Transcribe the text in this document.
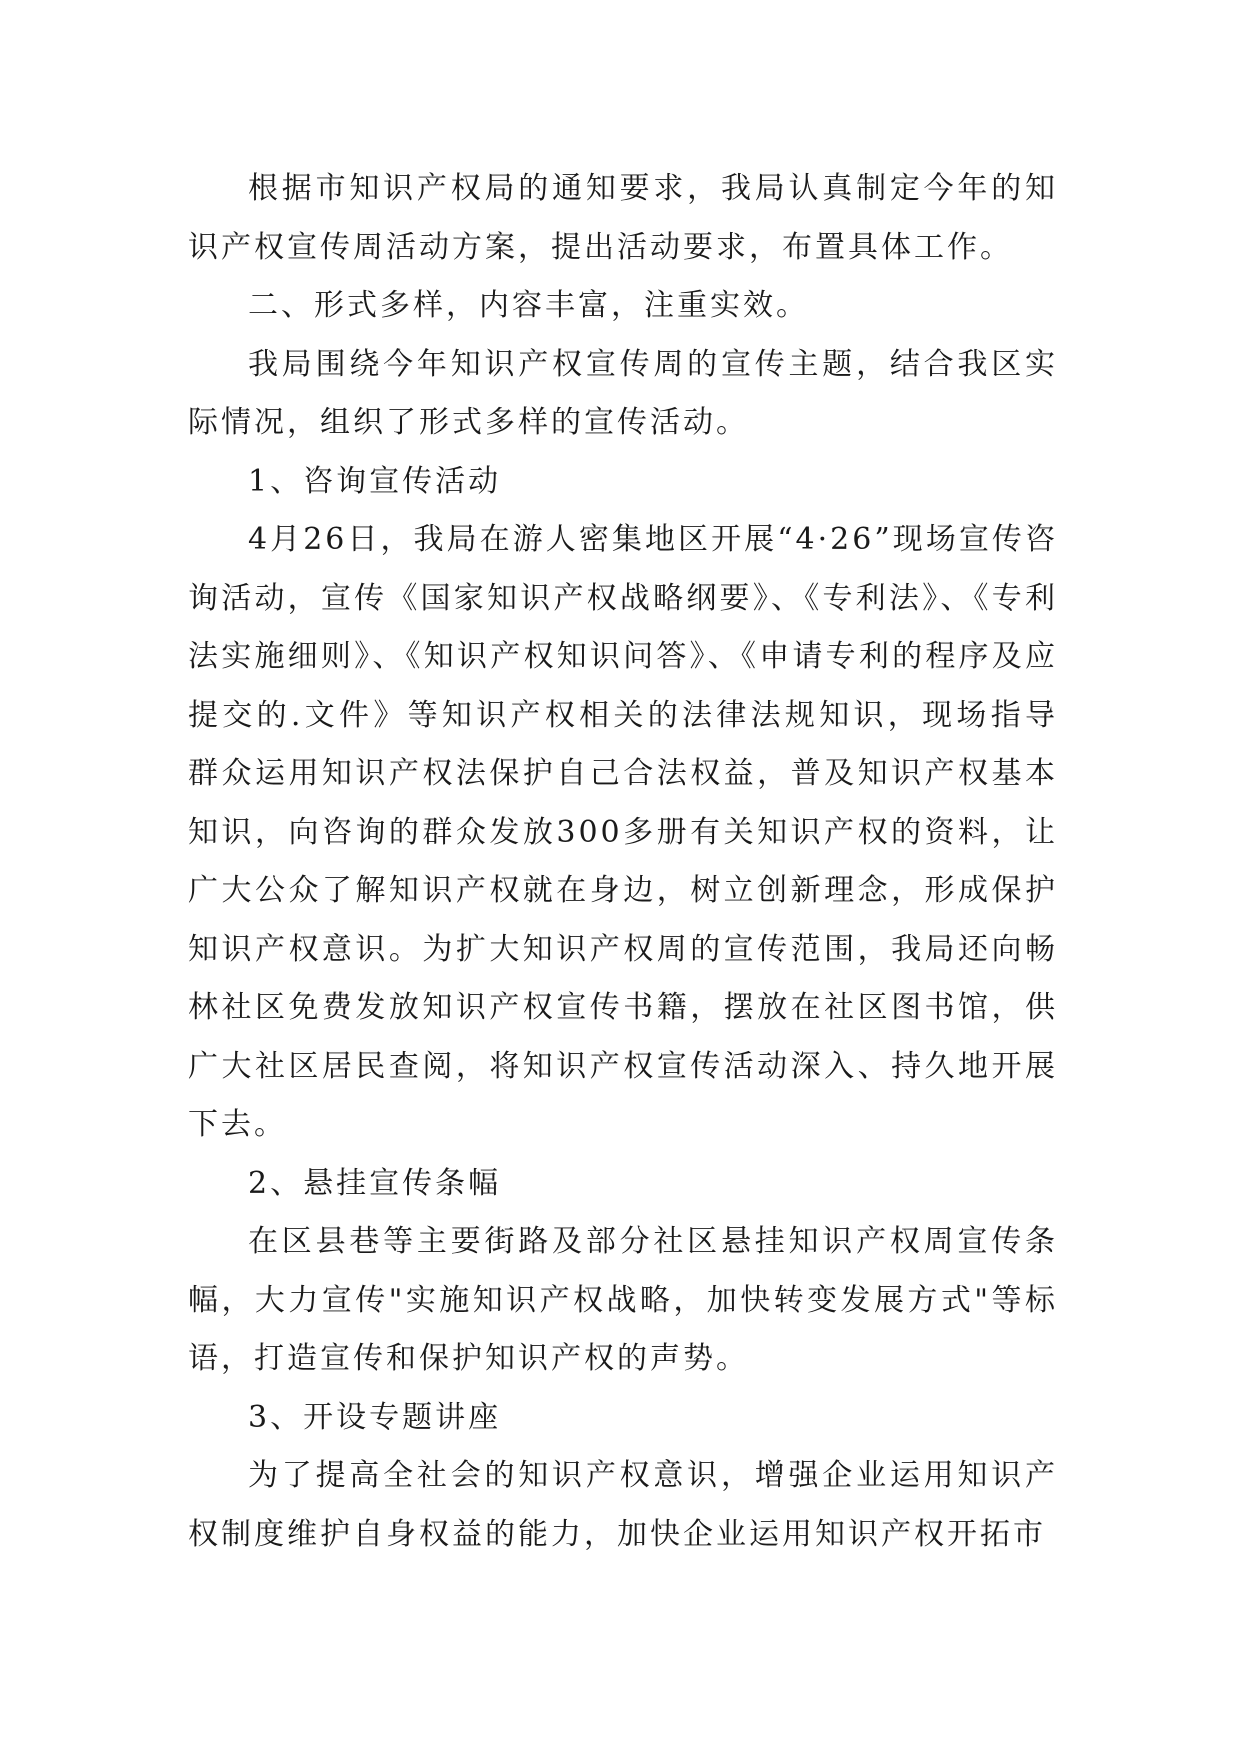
根据市知识产权局的通知要求，我局认真制定今年的知识产权宣传周活动方案，提出活动要求，布置具体工作。

二、形式多样，内容丰富，注重实效。

我局围绕今年知识产权宣传周的宣传主题，结合我区实际情况，组织了形式多样的宣传活动。

1、咨询宣传活动

4月26日，我局在游人密集地区开展“4·26”现场宣传咨询活动，宣传《国家知识产权战略纲要》、《专利法》、《专利法实施细则》、《知识产权知识问答》、《申请专利的程序及应提交的.文件》等知识产权相关的法律法规知识，现场指导群众运用知识产权法保护自己合法权益，普及知识产权基本知识，向咨询的群众发放300多册有关知识产权的资料，让广大公众了解知识产权就在身边，树立创新理念，形成保护知识产权意识。为扩大知识产权周的宣传范围，我局还向畅林社区免费发放知识产权宣传书籍，摆放在社区图书馆，供广大社区居民查阅，将知识产权宣传活动深入、持久地开展下去。

2、悬挂宣传条幅

在区县巷等主要街路及部分社区悬挂知识产权周宣传条幅，大力宣传"实施知识产权战略，加快转变发展方式"等标语，打造宣传和保护知识产权的声势。

3、开设专题讲座

为了提高全社会的知识产权意识，增强企业运用知识产权制度维护自身权益的能力，加快企业运用知识产权开拓市
